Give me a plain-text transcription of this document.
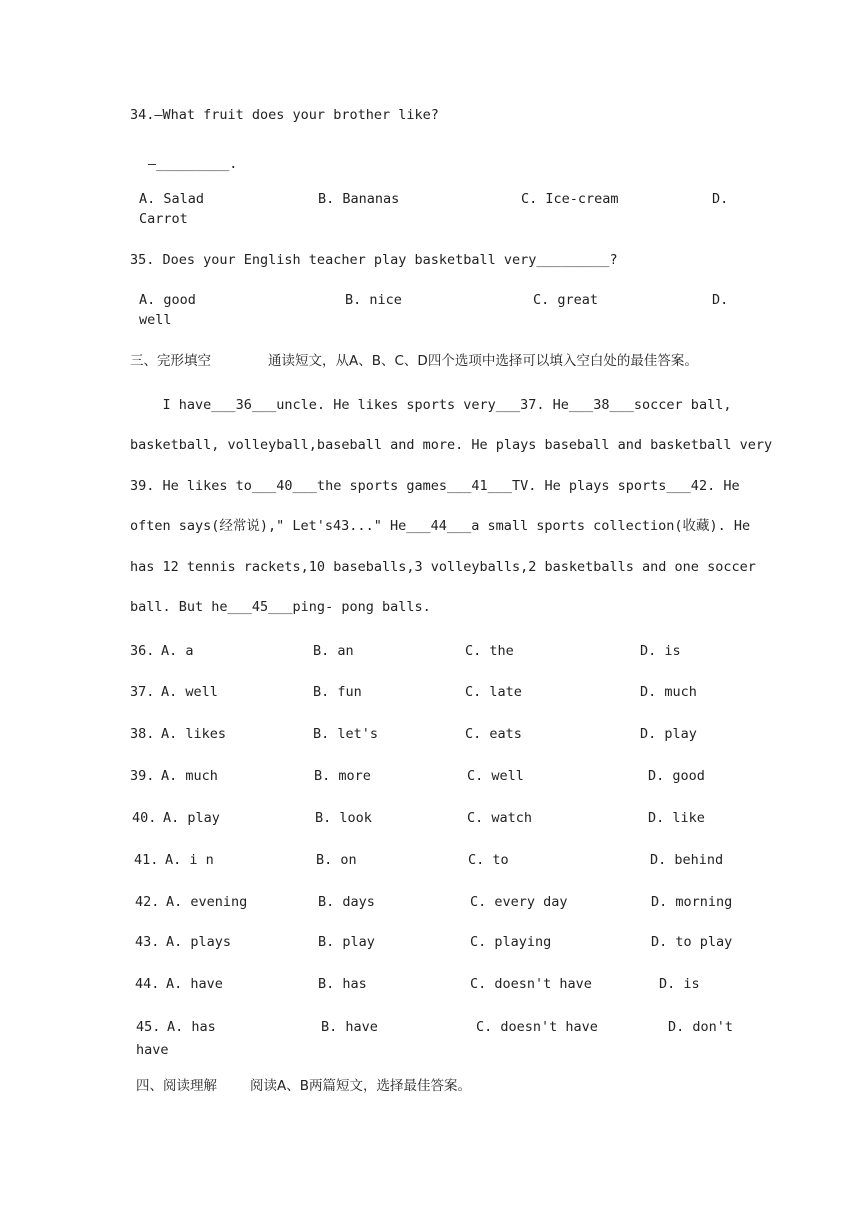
34.—What fruit does your brother like?
—_________.
A. Salad	B. Bananas	C. Ice-cream	D.
Carrot
35. Does your English teacher play basketball very_________?
A. good	B. nice	C. great	D.
well
三、完形填空	通读短文，从A、B、C、D四个选项中选择可以填入空白处的最佳答案。
I have___36___uncle. He likes sports very___37. He___38___soccer ball,
basketball, volleyball,baseball and more. He plays baseball and basketball very
39. He likes to___40___the sports games___41___TV. He plays sports___42. He
often says(经常说)," Let's43..." He___44___a small sports collection(收藏). He
has 12 tennis rackets,10 baseballs,3 volleyballs,2 basketballs and one soccer
ball. But he___45___ping- pong balls.
36. A. a	B. an	C. the	D. is
37. A. well	B. fun	C. late	D. much
38. A. likes	B. let's	C. eats	D. play
39. A. much	B. more	C. well	D. good
40. A. play	B. look	C. watch	D. like
41. A. i n	B. on	C. to	D. behind
42. A. evening	B. days	C. every day	D. morning
43. A. plays	B. play	C. playing	D. to play
44. A. have	B. has	C. doesn't have	D. is
45. A. has	B. have	C. doesn't have	D. don't
have
四、阅读理解 阅读A、B两篇短文，选择最佳答案。
